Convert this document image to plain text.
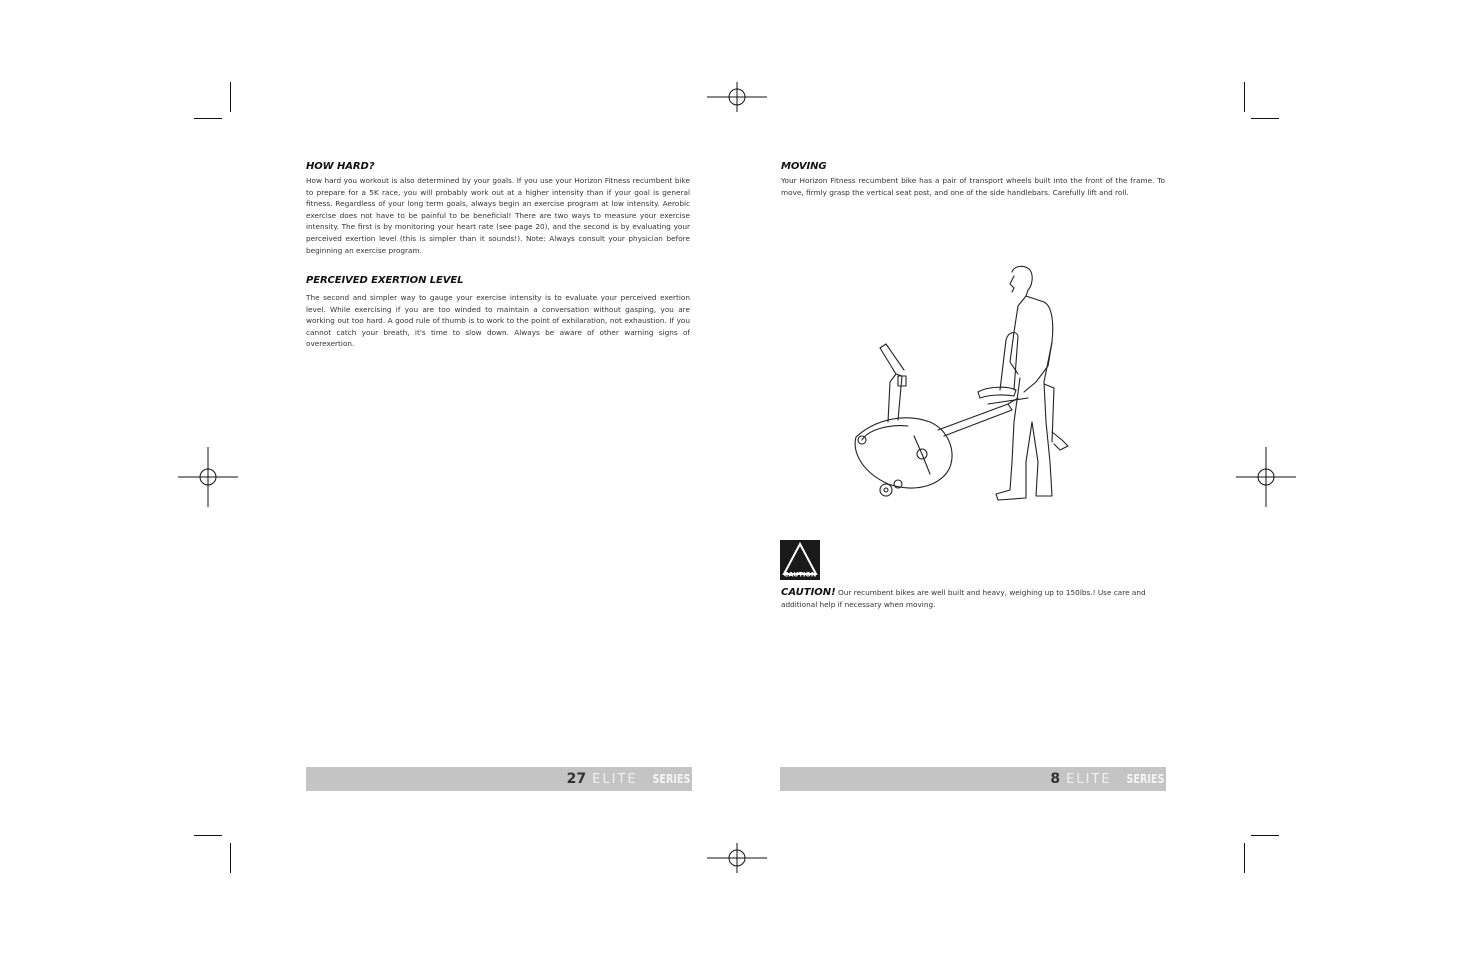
HOW HARD?

How hard you workout is also determined by your goals. If you use your Horizon Fitness recumbent bike to prepare for a 5K race, you will probably work out at a higher intensity than if your goal is general fitness. Regardless of your long term goals, always begin an exercise program at low intensity. Aerobic exercise does not have to be painful to be beneficial! There are two ways to measure your exercise intensity. The first is by monitoring your heart rate (see page 20), and the second is by evaluating your perceived exertion level (this is simpler than it sounds!). Note: Always consult your physician before beginning an exercise program.

PERCEIVED EXERTION LEVEL

The second and simpler way to gauge your exercise intensity is to evaluate your perceived exertion level. While exercising if you are too winded to maintain a conversation without gasping, you are working out too hard. A good rule of thumb is to work to the point of exhilaration, not exhaustion. If you cannot catch your breath, it's time to slow down. Always be aware of other warning signs of overexertion.

27 ELITE SERIES
MOVING

Your Horizon Fitness recumbent bike has a pair of transport wheels built into the front of the frame. To move, firmly grasp the vertical seat post, and one of the side handlebars. Carefully lift and roll.

CAUTION
CAUTION! Our recumbent bikes are well built and heavy, weighing up to 150lbs.! Use care and additional help if necessary when moving.
8 ELITE SERIES
